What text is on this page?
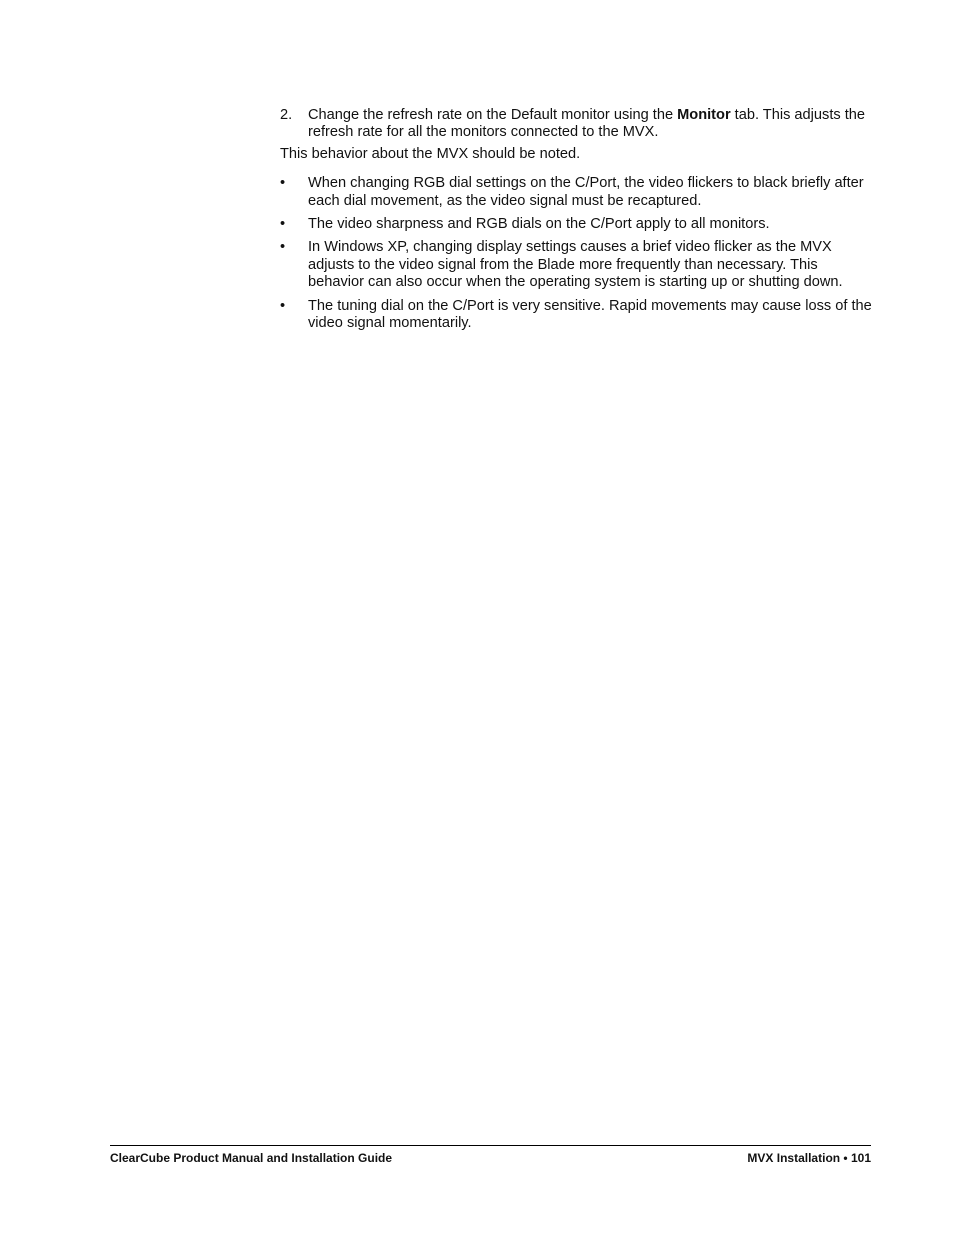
2. Change the refresh rate on the Default monitor using the Monitor tab. This adjusts the refresh rate for all the monitors connected to the MVX.

This behavior about the MVX should be noted.

• When changing RGB dial settings on the C/Port, the video flickers to black briefly after each dial movement, as the video signal must be recaptured.
• The video sharpness and RGB dials on the C/Port apply to all monitors.
• In Windows XP, changing display settings causes a brief video flicker as the MVX adjusts to the video signal from the Blade more frequently than necessary. This behavior can also occur when the operating system is starting up or shutting down.
• The tuning dial on the C/Port is very sensitive. Rapid movements may cause loss of the video signal momentarily.
ClearCube Product Manual and Installation Guide	MVX Installation • 101
